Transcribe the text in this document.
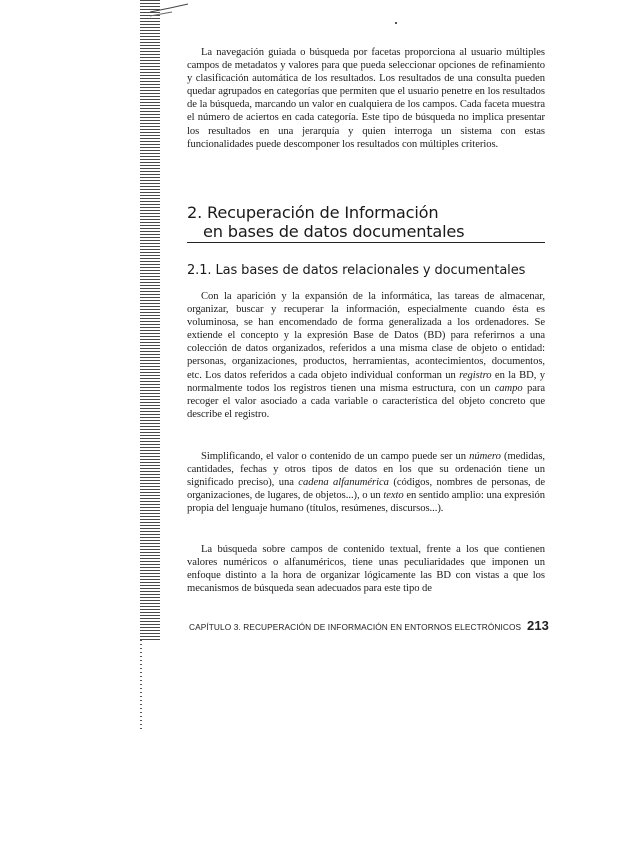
La navegación guiada o búsqueda por facetas proporciona al usuario múltiples campos de metadatos y valores para que pueda seleccionar opciones de refinamiento y clasificación automática de los resultados. Los resultados de una consulta pueden quedar agrupados en categorías que permiten que el usuario penetre en los resultados de la búsqueda, marcando un valor en cualquiera de los campos. Cada faceta muestra el número de aciertos en cada categoría. Este tipo de búsqueda no implica presentar los resultados en una jerarquía y quien interroga un sistema con estas funcionalidades puede descomponer los resultados con múltiples criterios.

2. Recuperación de Información
en bases de datos documentales
2.1. Las bases de datos relacionales y documentales

Con la aparición y la expansión de la informática, las tareas de almacenar, organizar, buscar y recuperar la información, especialmente cuando ésta es voluminosa, se han encomendado de forma generalizada a los ordenadores. Se extiende el concepto y la expresión Base de Datos (BD) para referirnos a una colección de datos organizados, referidos a una misma clase de objeto o entidad: personas, organizaciones, productos, herramientas, acontecimientos, documentos, etc. Los datos referidos a cada objeto individual conforman un registro en la BD, y normalmente todos los registros tienen una misma estructura, con un campo para recoger el valor asociado a cada variable o característica del objeto concreto que describe el registro.

Simplificando, el valor o contenido de un campo puede ser un número (medidas, cantidades, fechas y otros tipos de datos en los que su ordenación tiene un significado preciso), una cadena alfanumérica (códigos, nombres de personas, de organizaciones, de lugares, de objetos...), o un texto en sentido amplio: una expresión propia del lenguaje humano (títulos, resúmenes, discursos...).

La búsqueda sobre campos de contenido textual, frente a los que contienen valores numéricos o alfanuméricos, tiene unas peculiaridades que imponen un enfoque distinto a la hora de organizar lógicamente las BD con vistas a que los mecanismos de búsqueda sean adecuados para este tipo de

CAPÍTULO 3. RECUPERACIÓN DE INFORMACIÓN EN ENTORNOS ELECTRÓNICOS 213
